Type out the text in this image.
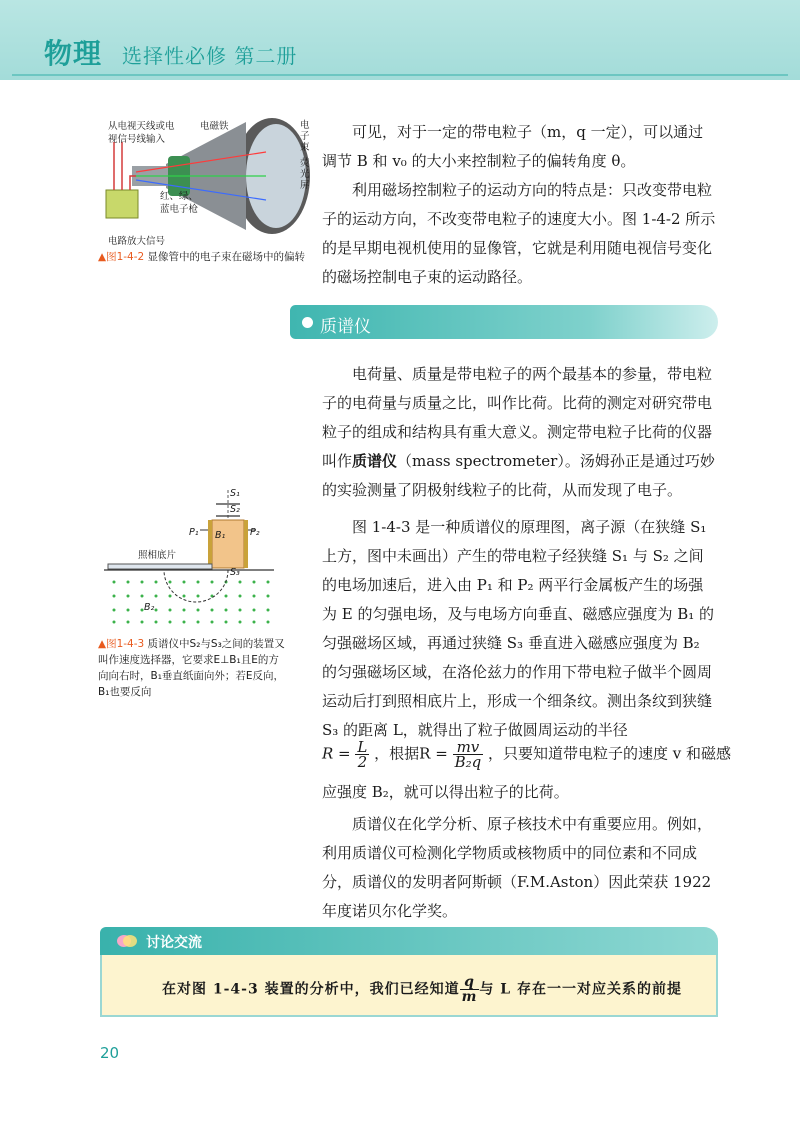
物理 选择性必修 第二册
从电视天线或电
视信号线输入
电磁铁	电子束
荧光屏
红、绿、
蓝电子枪
电路放大信号
▲图1-4-2 显像管中的电子束在磁场中的偏转

可见，对于一定的带电粒子（m，q 一定），可以通过调节 B 和 v₀ 的大小来控制粒子的偏转角度 θ。

利用磁场控制粒子的运动方向的特点是：只改变带电粒子的运动方向，不改变带电粒子的速度大小。图 1-4-2 所示的是早期电视机使用的显像管，它就是利用随电视信号变化的磁场控制电子束的运动路径。

质谱仪

电荷量、质量是带电粒子的两个最基本的参量，带电粒子的电荷量与质量之比，叫作比荷。比荷的测定对研究带电粒子的组成和结构具有重大意义。测定带电粒子比荷的仪器叫作质谱仪（mass spectrometer）。汤姆孙正是通过巧妙的实验测量了阴极射线粒子的比荷，从而发现了电子。

图 1-4-3 是一种质谱仪的原理图，离子源（在狭缝 S₁ 上方，图中未画出）产生的带电粒子经狭缝 S₁ 与 S₂ 之间的电场加速后，进入由 P₁ 和 P₂ 两平行金属板产生的场强为 E 的匀强电场，及与电场方向垂直、磁感应强度为 B₁ 的匀强磁场区域，再通过狭缝 S₃ 垂直进入磁感应强度为 B₂ 的匀强磁场区域，在洛伦兹力的作用下带电粒子做半个圆周运动后打到照相底片上，形成一个细条纹。测出条纹到狭缝 S₃ 的距离 L，就得出了粒子做圆周运动的半径

$R = \frac{L}{2}$ ，根据$R = \frac{mv}{\text{B₂q}}$ ，只要知道带电粒子的速度 v 和磁感

应强度 B₂，就可以得出粒子的比荷。

质谱仪在化学分析、原子核技术中有重要应用。例如，利用质谱仪可检测化学物质或核物质中的同位素和不同成分，质谱仪的发明者阿斯顿（F.M.Aston）因此荣获 1922 年度诺贝尔化学奖。

S₁
S₂
P₁	P₂
B₁
照相底片
S₃
B₂
▲图1-4-3 质谱仪中S₂与S₃之间的装置又叫作速度选择器，它要求E⊥B₁且E的方向向右时，B₁垂直纸面向外；若E反向，B₁也要反向
讨论交流
在对图 1-4-3 装置的分析中，我们已经知道 $\frac{q}{m}$ 与 L 存在一一对应关系的前提
20
